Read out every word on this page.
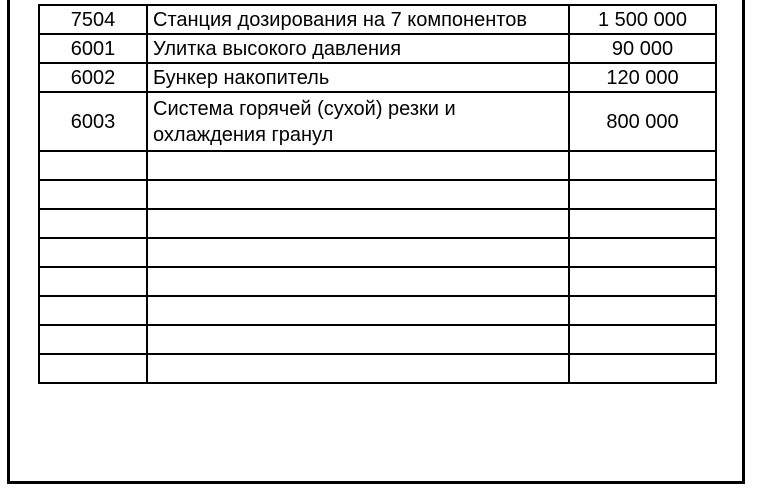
7504	Станция дозирования на 7 компонентов	1 500 000
6001	Улитка высокого давления	90 000
6002	Бункер накопитель	120 000
6003	Система горячей (сухой) резки и охлаждения гранул	800 000
